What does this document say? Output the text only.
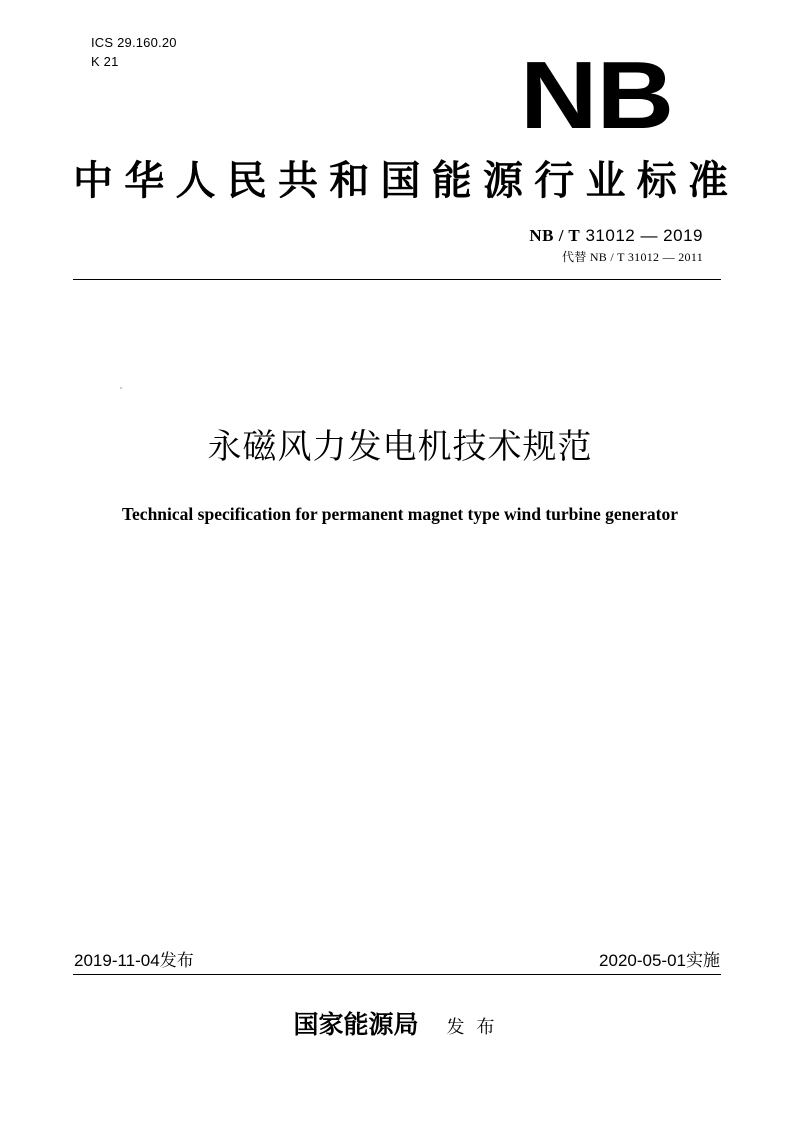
ICS 29.160.20
K 21	NB
中华人民共和国能源行业标准
NB / T 31012 — 2019
代替 NB / T 31012 — 2011
永磁风力发电机技术规范
Technical specification for permanent magnet type wind turbine generator
2019-11-04发布	2020-05-01实施
国家能源局 发布
